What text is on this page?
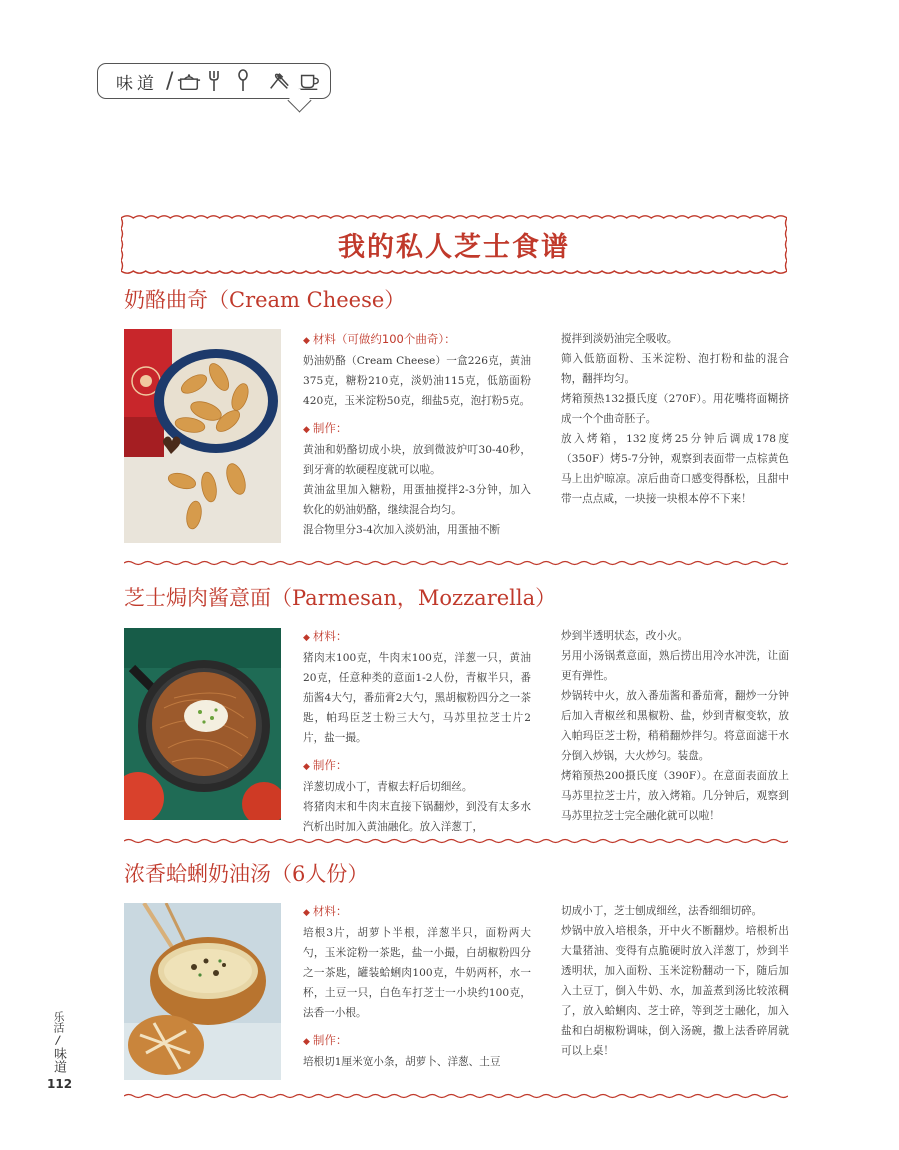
味道 /
我的私人芝士食谱
奶酪曲奇（Cream Cheese）

◆ 材料（可做约100个曲奇）：

奶油奶酪（Cream Cheese）一盒226克，黄油375克，糖粉210克，淡奶油115克，低筋面粉420克，玉米淀粉50克，细盐5克，泡打粉5克。

◆ 制作：

黄油和奶酪切成小块，放到微波炉叮30-40秒，到牙膏的软硬程度就可以啦。

黄油盆里加入糖粉，用蛋抽搅拌2-3分钟，加入软化的奶油奶酪，继续混合均匀。

混合物里分3-4次加入淡奶油，用蛋抽不断

搅拌到淡奶油完全吸收。

筛入低筋面粉、玉米淀粉、泡打粉和盐的混合物，翻拌均匀。

烤箱预热132摄氏度（270F）。用花嘴将面糊挤成一个个曲奇胚子。

放入烤箱，132度烤25分钟后调成178度（350F）烤5-7分钟，观察到表面带一点棕黄色马上出炉晾凉。凉后曲奇口感变得酥松，且甜中带一点点咸，一块接一块根本停不下来！

芝士焗肉酱意面（Parmesan，Mozzarella）

◆ 材料：

猪肉末100克，牛肉末100克，洋葱一只，黄油20克，任意种类的意面1-2人份，青椒半只，番茄酱4大勺，番茄膏2大勺，黑胡椒粉四分之一茶匙，帕玛臣芝士粉三大勺，马苏里拉芝士片2片，盐一撮。

◆ 制作：

洋葱切成小丁，青椒去籽后切细丝。

将猪肉末和牛肉末直接下锅翻炒，到没有太多水汽析出时加入黄油融化。放入洋葱丁，

炒到半透明状态，改小火。

另用小汤锅煮意面，熟后捞出用冷水冲洗，让面更有弹性。

炒锅转中火，放入番茄酱和番茄膏，翻炒一分钟后加入青椒丝和黑椒粉、盐，炒到青椒变软，放入帕玛臣芝士粉，稍稍翻炒拌匀。将意面滤干水分倒入炒锅，大火炒匀。装盘。

烤箱预热200摄氏度（390F）。在意面表面放上马苏里拉芝士片，放入烤箱。几分钟后，观察到马苏里拉芝士完全融化就可以啦！

浓香蛤蜊奶油汤（6人份）

◆ 材料：

培根3片，胡萝卜半根，洋葱半只，面粉两大勺，玉米淀粉一茶匙，盐一小撮，白胡椒粉四分之一茶匙，罐装蛤蜊肉100克，牛奶两杯，水一杯，土豆一只，白色车打芝士一小块约100克，法香一小根。

◆ 制作：

培根切1厘米宽小条，胡萝卜、洋葱、土豆

切成小丁，芝士刨成细丝，法香细细切碎。

炒锅中放入培根条，开中火不断翻炒。培根析出大量猪油、变得有点脆硬时放入洋葱丁，炒到半透明状，加入面粉、玉米淀粉翻动一下，随后加入土豆丁，倒入牛奶、水，加盖煮到汤比较浓稠了，放入蛤蜊肉、芝士碎，等到芝士融化，加入盐和白胡椒粉调味，倒入汤碗，撒上法香碎屑就可以上桌！

乐活
/
味道
112
